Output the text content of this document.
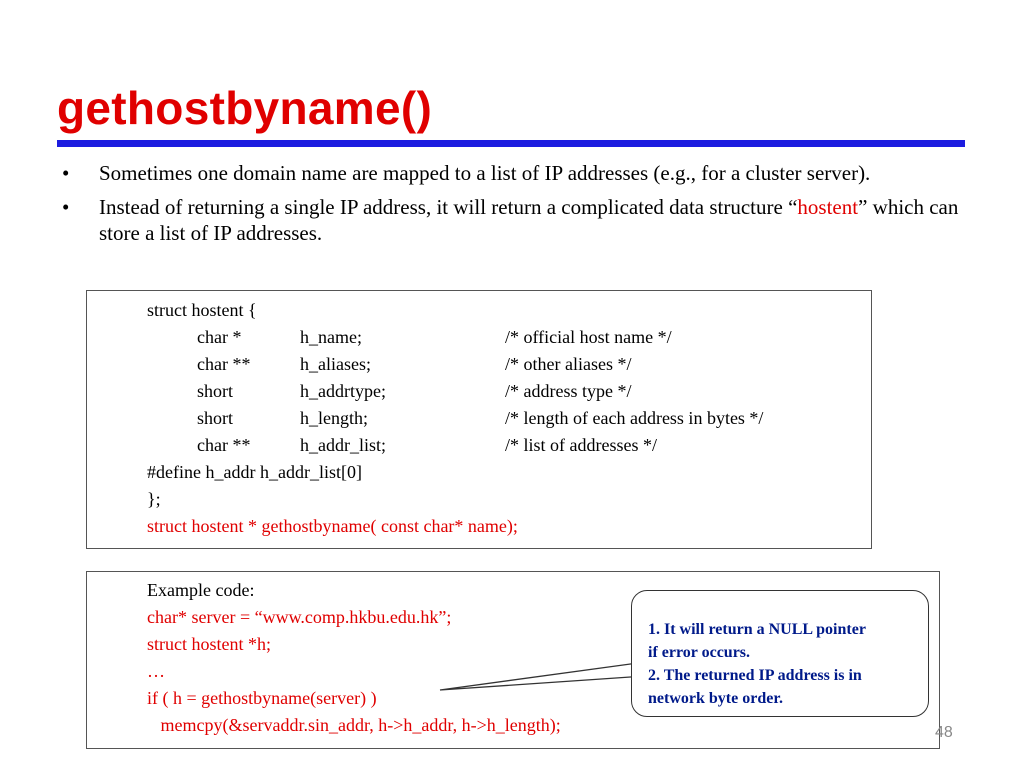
gethostbyname()
• Sometimes one domain name are mapped to a list of IP addresses (e.g., for a cluster server).
• Instead of returning a single IP address, it will return a complicated data structure “hostent” which can store a list of IP addresses.
struct hostent {
char *	h_name;	/* official host name */
char **	h_aliases;	/* other aliases */
short	h_addrtype;	/* address type */
short	h_length;	/* length of each address in bytes */
char **	h_addr_list;	/* list of addresses */
#define h_addr h_addr_list[0]
};
struct hostent * gethostbyname( const char* name);
Example code:
char* server = “www.comp.hkbu.edu.hk”;
struct hostent *h;
…
if ( h = gethostbyname(server) )
memcpy(&servaddr.sin_addr, h->h_addr, h->h_length);
1. It will return a NULL pointer
if error occurs.
2. The returned IP address is in
network byte order.
48
